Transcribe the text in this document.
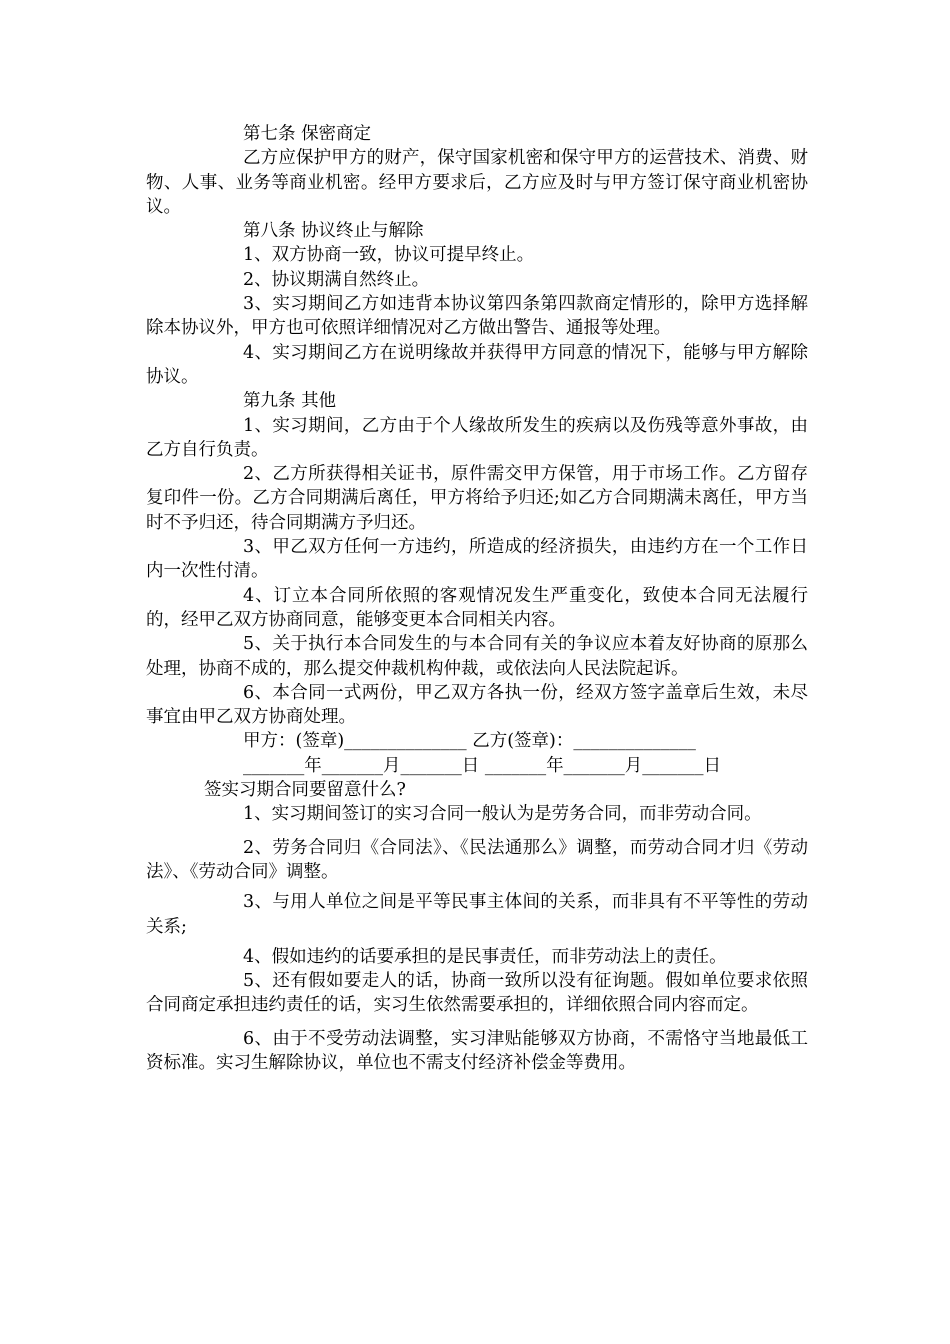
第七条 保密商定

乙方应保护甲方的财产，保守国家机密和保守甲方的运营技术、消费、财物、人事、业务等商业机密。经甲方要求后，乙方应及时与甲方签订保守商业机密协议。

第八条 协议终止与解除

1、双方协商一致，协议可提早终止。

2、协议期满自然终止。

3、实习期间乙方如违背本协议第四条第四款商定情形的，除甲方选择解除本协议外，甲方也可依照详细情况对乙方做出警告、通报等处理。

4、实习期间乙方在说明缘故并获得甲方同意的情况下，能够与甲方解除协议。

第九条 其他

1、实习期间，乙方由于个人缘故所发生的疾病以及伤残等意外事故，由乙方自行负责。

2、乙方所获得相关证书，原件需交甲方保管，用于市场工作。乙方留存复印件一份。乙方合同期满后离任，甲方将给予归还;如乙方合同期满未离任，甲方当时不予归还，待合同期满方予归还。

3、甲乙双方任何一方违约，所造成的经济损失，由违约方在一个工作日内一次性付清。

4、订立本合同所依照的客观情况发生严重变化，致使本合同无法履行的，经甲乙双方协商同意，能够变更本合同相关内容。

5、关于执行本合同发生的与本合同有关的争议应本着友好协商的原那么处理，协商不成的，那么提交仲裁机构仲裁，或依法向人民法院起诉。

6、本合同一式两份，甲乙双方各执一份，经双方签字盖章后生效，未尽事宜由甲乙双方协商处理。

甲方：(签章)______________ 乙方(签章)：______________

_______年_______月_______日 _______年_______月_______日

签实习期合同要留意什么?

1、实习期间签订的实习合同一般认为是劳务合同，而非劳动合同。

2、劳务合同归《合同法》、《民法通那么》调整，而劳动合同才归《劳动法》、《劳动合同》调整。

3、与用人单位之间是平等民事主体间的关系，而非具有不平等性的劳动关系;

4、假如违约的话要承担的是民事责任，而非劳动法上的责任。

5、还有假如要走人的话，协商一致所以没有征询题。假如单位要求依照合同商定承担违约责任的话，实习生依然需要承担的，详细依照合同内容而定。

6、由于不受劳动法调整，实习津贴能够双方协商，不需恪守当地最低工资标准。实习生解除协议，单位也不需支付经济补偿金等费用。
